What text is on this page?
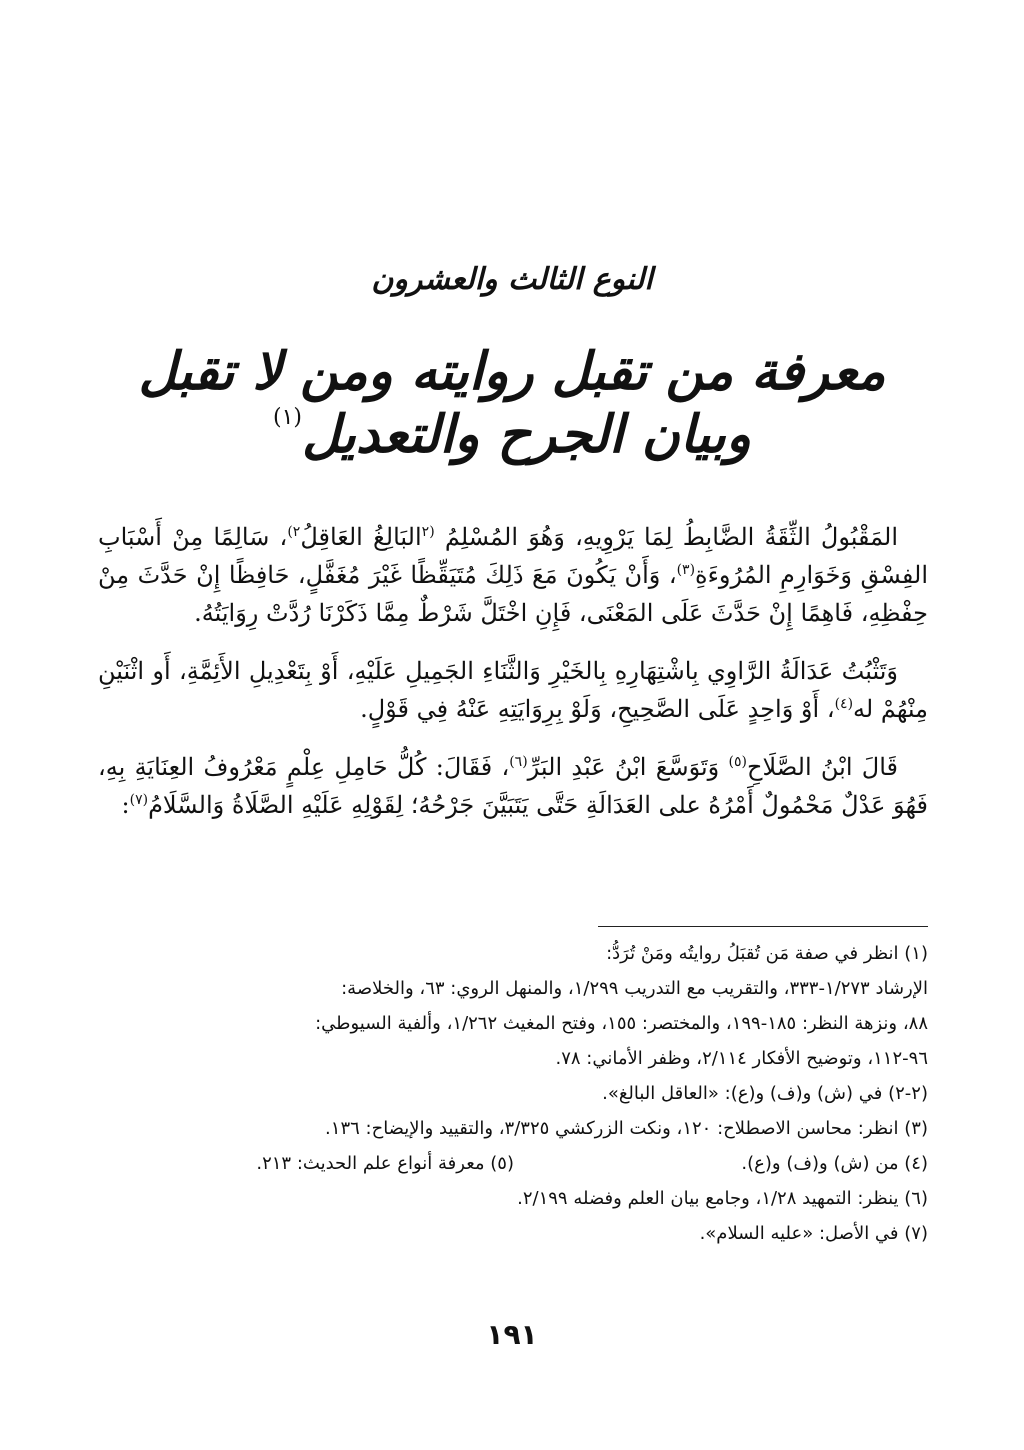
النوع الثالث والعشرون
معرفة من تقبل روايته ومن لا تقبل
وبيان الجرح والتعديل$^{(١)}$

المَقْبُولُ الثِّقَةُ الضَّابِطُ لِمَا يَرْوِيهِ، وَهُوَ المُسْلِمُ $^{(٢}$البَالِغُ العَاقِلُ$^{٢)}$، سَالِمًا مِنْ أَسْبَابِ الفِسْقِ وَخَوَارِمِ المُرُوءَةِ$^{(٣)}$، وَأَنْ يَكُونَ مَعَ ذَلِكَ مُتَيَقِّظًا غَيْرَ مُغَفَّلٍ، حَافِظًا إِنْ حَدَّثَ مِنْ حِفْظِهِ، فَاهِمًا إِنْ حَدَّثَ عَلَى المَعْنَى، فَإِنِ اخْتَلَّ شَرْطٌ مِمَّا ذَكَرْنَا رُدَّتْ رِوَايَتُهُ.

وَتَثْبُتُ عَدَالَةُ الرَّاوِي بِاشْتِهَارِهِ بِالخَيْرِ وَالثَّنَاءِ الجَمِيلِ عَلَيْهِ، أَوْ بِتَعْدِيلِ الأَئِمَّةِ، أَو اثْنَيْنِ مِنْهُمْ له$^{(٤)}$، أَوْ وَاحِدٍ عَلَى الصَّحِيحِ، وَلَوْ بِرِوَايَتِهِ عَنْهُ فِي قَوْلٍ.

قَالَ ابْنُ الصَّلَاحِ$^{(٥)}$ وَتَوَسَّعَ ابْنُ عَبْدِ البَرِّ$^{(٦)}$، فَقَالَ: كُلُّ حَامِلِ عِلْمٍ مَعْرُوفُ العِنَايَةِ بِهِ، فَهُوَ عَدْلٌ مَحْمُولٌ أَمْرُهُ على العَدَالَةِ حَتَّى يَتَبَيَّنَ جَرْحُهُ؛ لِقَوْلِهِ عَلَيْهِ الصَّلَاةُ وَالسَّلَامُ$^{(٧)}$:

(١) انظر في صفة مَن تُقبَلُ روايتُه ومَنْ تُرَدُّ:
الإرشاد ١/٢٧٣-٣٣٣، والتقريب مع التدريب ١/٢٩٩، والمنهل الروي: ٦٣، والخلاصة:
٨٨، ونزهة النظر: ١٨٥-١٩٩، والمختصر: ١٥٥، وفتح المغيث ١/٢٦٢، وألفية السيوطي:
٩٦-١١٢، وتوضيح الأفكار ٢/١١٤، وظفر الأماني: ٧٨.
(٢-٢) في (ش) و(ف) و(ع): «العاقل البالغ».
(٣) انظر: محاسن الاصطلاح: ١٢٠، ونكت الزركشي ٣/٣٢٥، والتقييد والإيضاح: ١٣٦.
(٤) من (ش) و(ف) و(ع).
(٥) معرفة أنواع علم الحديث: ٢١٣.
(٦) ينظر: التمهيد ١/٢٨، وجامع بيان العلم وفضله ٢/١٩٩.
(٧) في الأصل: «عليه السلام».
١٩١
